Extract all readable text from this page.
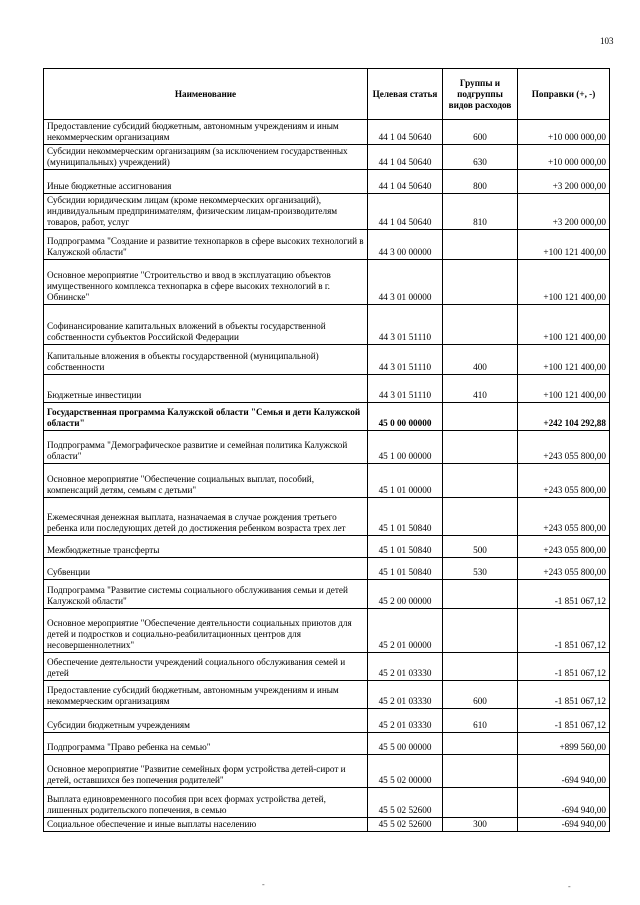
103
Наименование	Целевая статья	Группы и подгруппы видов расходов	Поправки (+, -)
Предоставление субсидий бюджетным, автономным учреждениям и иным некоммерческим организациям	44 1 04 50640	600	+10 000 000,00
Субсидии некоммерческим организациям (за исключением государственных (муниципальных) учреждений)	44 1 04 50640	630	+10 000 000,00
Иные бюджетные ассигнования	44 1 04 50640	800	+3 200 000,00
Субсидии юридическим лицам (кроме некоммерческих организаций), индивидуальным предпринимателям, физическим лицам-производителям товаров, работ, услуг	44 1 04 50640	810	+3 200 000,00
Подпрограмма "Создание и развитие технопарков в сфере высоких технологий в Калужской области"	44 3 00 00000		+100 121 400,00
Основное мероприятие "Строительство и ввод в эксплуатацию объектов имущественного комплекса технопарка в сфере высоких технологий в г. Обнинске"	44 3 01 00000		+100 121 400,00
Софинансирование капитальных вложений в объекты государственной собственности субъектов Российской Федерации	44 3 01 51110		+100 121 400,00
Капитальные вложения в объекты государственной (муниципальной) собственности	44 3 01 51110	400	+100 121 400,00
Бюджетные инвестиции	44 3 01 51110	410	+100 121 400,00
Государственная программа Калужской области "Семья и дети Калужской области"	45 0 00 00000		+242 104 292,88
Подпрограмма "Демографическое развитие и семейная политика Калужской области"	45 1 00 00000		+243 055 800,00
Основное мероприятие "Обеспечение социальных выплат, пособий, компенсаций детям, семьям с детьми"	45 1 01 00000		+243 055 800,00
Ежемесячная денежная выплата, назначаемая в случае рождения третьего ребенка или последующих детей до достижения ребенком возраста трех лет	45 1 01 50840		+243 055 800,00
Межбюджетные трансферты	45 1 01 50840	500	+243 055 800,00
Субвенции	45 1 01 50840	530	+243 055 800,00
Подпрограмма "Развитие системы социального обслуживания семьи и детей Калужской области"	45 2 00 00000		-1 851 067,12
Основное мероприятие "Обеспечение деятельности социальных приютов для детей и подростков и социально-реабилитационных центров для несовершеннолетних"	45 2 01 00000		-1 851 067,12
Обеспечение деятельности учреждений социального обслуживания семей и детей	45 2 01 03330		-1 851 067,12
Предоставление субсидий бюджетным, автономным учреждениям и иным некоммерческим организациям	45 2 01 03330	600	-1 851 067,12
Субсидии бюджетным учреждениям	45 2 01 03330	610	-1 851 067,12
Подпрограмма "Право ребенка на семью"	45 5 00 00000		+899 560,00
Основное мероприятие "Развитие семейных форм устройства детей-сирот и детей, оставшихся без попечения родителей"	45 5 02 00000		-694 940,00
Выплата единовременного пособия при всех формах устройства детей, лишенных родительского попечения, в семью	45 5 02 52600		-694 940,00
Социальное обеспечение и иные выплаты населению	45 5 02 52600	300	-694 940,00
-	-
